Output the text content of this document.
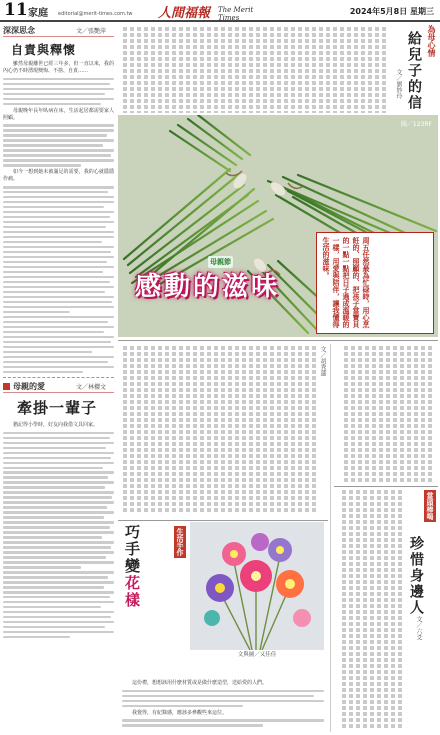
11 家庭 editorial@merit-times.com.tw 人間福報 The Merit Times
2024年5月8日 星期三
深深思念	文／張艷萍
自責與釋懷

雖然母親離世已經三年多，但一直以來，我的內心仍不時湧現懊悔、不捨、自責……

母親晚年長年臥病在床，生活起居都需要家人照顧。

如今一想到她未被滿足的需要，我的心就隱隱作痛。

母親的愛	文／林櫻文
牽掛一輩子

猶記得小學時，好友向我借文具回家。

為母心情
給兒子的信
文／劉妙玲
圖／123RF
母親節
感動的滋味	周五任然最為忙碌時，用心烹飪的、照顧的、把孩子當寶貝的一點一點把日子過成溫暖的一樣，用愛與陪伴，讓我懂得生活的滋味。

文／胡秀蓮
當頭棒喝
珍惜身邊人
文／六爻
生活手作
巧手變花樣
文與圖／又佳佳

這份禮，想想該用什麼材質或是做什麼造型，送給愛的人們。

我覺得，有紀錄感，應該多參觀些來這位。
